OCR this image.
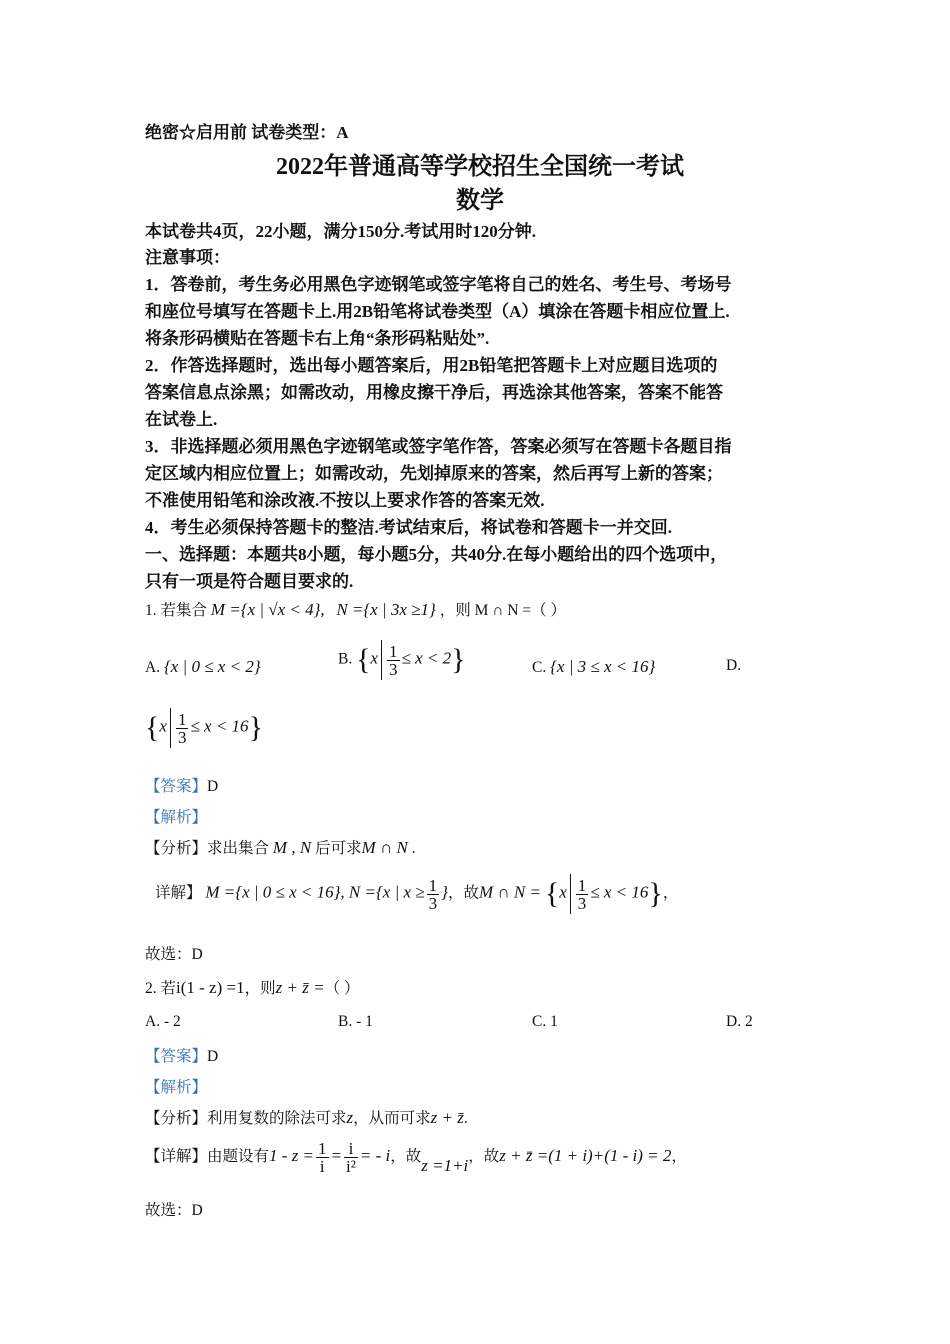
绝密☆启用前 试卷类型：A
2022年普通高等学校招生全国统一考试
数学
本试卷共4页，22小题，满分150分.考试用时120分钟.
注意事项：
1．答卷前，考生务必用黑色字迹钢笔或签字笔将自己的姓名、考生号、考场号
和座位号填写在答题卡上.用2B铅笔将试卷类型（A）填涂在答题卡相应位置上.
将条形码横贴在答题卡右上角“条形码粘贴处”.
2．作答选择题时，选出每小题答案后，用2B铅笔把答题卡上对应题目选项的
答案信息点涂黑；如需改动，用橡皮擦干净后，再选涂其他答案，答案不能答
在试卷上.
3．非选择题必须用黑色字迹钢笔或签字笔作答，答案必须写在答题卡各题目指
定区域内相应位置上；如需改动，先划掉原来的答案，然后再写上新的答案；
不准使用铅笔和涂改液.不按以上要求作答的答案无效.
4．考生必须保持答题卡的整洁.考试结束后，将试卷和答题卡一并交回.
一、选择题：本题共8小题，每小题5分，共40分.在每小题给出的四个选项中，
只有一项是符合题目要求的.
1. 若集合 M ={x | √x < 4}, N ={x | 3x ≥1} ，则 M ∩ N =（ ）
A. {x | 0 ≤ x < 2}	B. $\{x \frac{1}{3} \le x < 2\}$	C. {x | 3 ≤ x < 16}	D.
$\{x \frac{1}{3} \le x < 16\}$
【答案】D
【解析】
【分析】求出集合 M , N 后可求M ∩ N .
详解】 M ={x | 0 ≤ x < 16}, N ={x | $x \ge \frac{1}{3}$ }，故M ∩ $N = \{x \frac{1}{3} \le x < 16\}$，
故选：D
2. 若i(1 - z) =1，则z + z̄ =（ ）
A. - 2	B. - 1	C. 1	D. 2
【答案】D
【解析】
【分析】利用复数的除法可求z，从而可求z + z̄.
【详解】由题设有$1 - z = \frac{1}{i} = \frac{i}{\text{i²}}$ = - i，故z =1+i，故z + z̄ =(1 + i)+(1 - i) = 2，
故选：D
